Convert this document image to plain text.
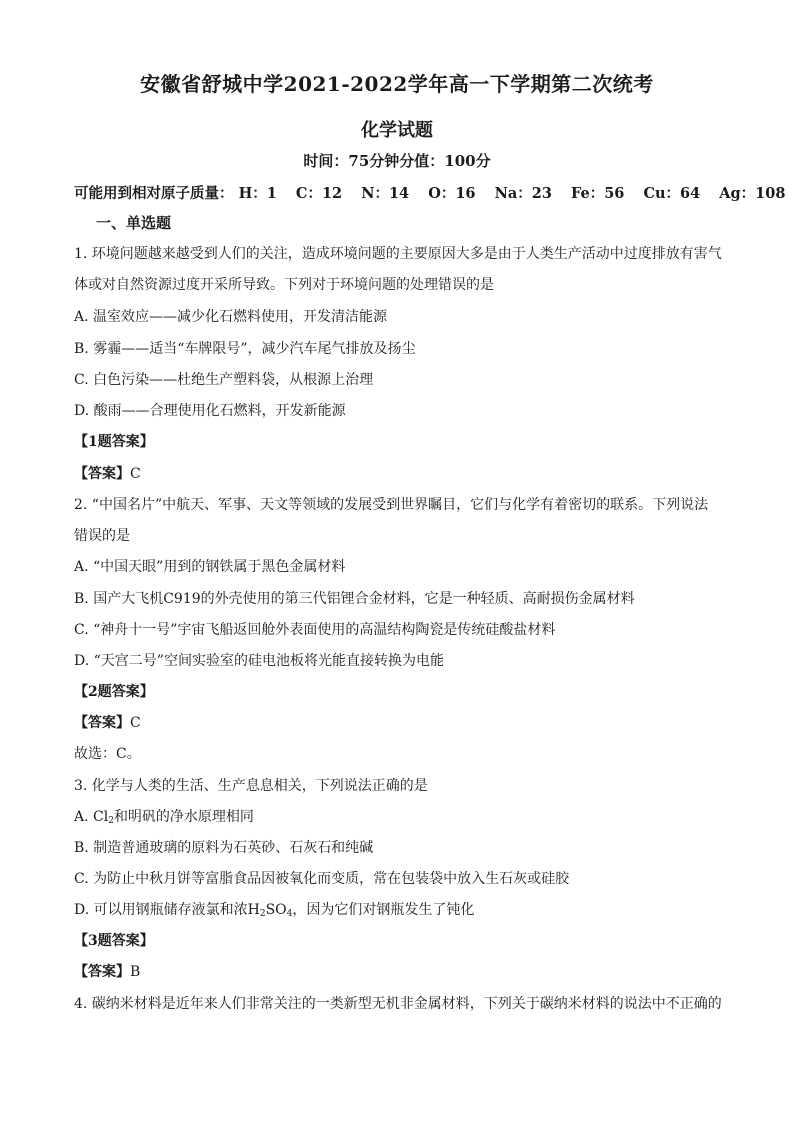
安徽省舒城中学2021-2022学年高一下学期第二次统考
化学试题
时间：75分钟分值：100分
可能用到相对原子质量： H：1 C：12 N：14 O：16 Na：23 Fe：56 Cu：64 Ag：108
一、单选题
1. 环境问题越来越受到人们的关注，造成环境问题的主要原因大多是由于人类生产活动中过度排放有害气
体或对自然资源过度开采所导致。下列对于环境问题的处理错误的是
A. 温室效应——减少化石燃料使用，开发清洁能源
B. 雾霾——适当“车牌限号”，减少汽车尾气排放及扬尘
C. 白色污染——杜绝生产塑料袋，从根源上治理
D. 酸雨——合理使用化石燃料，开发新能源
【1题答案】
【答案】C
2. “中国名片”中航天、军事、天文等领域的发展受到世界瞩目，它们与化学有着密切的联系。下列说法
错误的是
A. “中国天眼”用到的钢铁属于黑色金属材料
B. 国产大飞机C919的外壳使用的第三代铝锂合金材料，它是一种轻质、高耐损伤金属材料
C. “神舟十一号”宇宙飞船返回舱外表面使用的高温结构陶瓷是传统硅酸盐材料
D. “天宫二号”空间实验室的硅电池板将光能直接转换为电能
【2题答案】
【答案】C
故选：C。
3. 化学与人类的生活、生产息息相关，下列说法正确的是
A. $Cl_2$和明矾的净水原理相同
B. 制造普通玻璃的原料为石英砂、石灰石和纯碱
C. 为防止中秋月饼等富脂食品因被氧化而变质，常在包装袋中放入生石灰或硅胶
D. 可以用钢瓶储存液氯和浓$H_2SO_4$，因为它们对钢瓶发生了钝化
【3题答案】
【答案】B
4. 碳纳米材料是近年来人们非常关注的一类新型无机非金属材料，下列关于碳纳米材料的说法中不正确的
